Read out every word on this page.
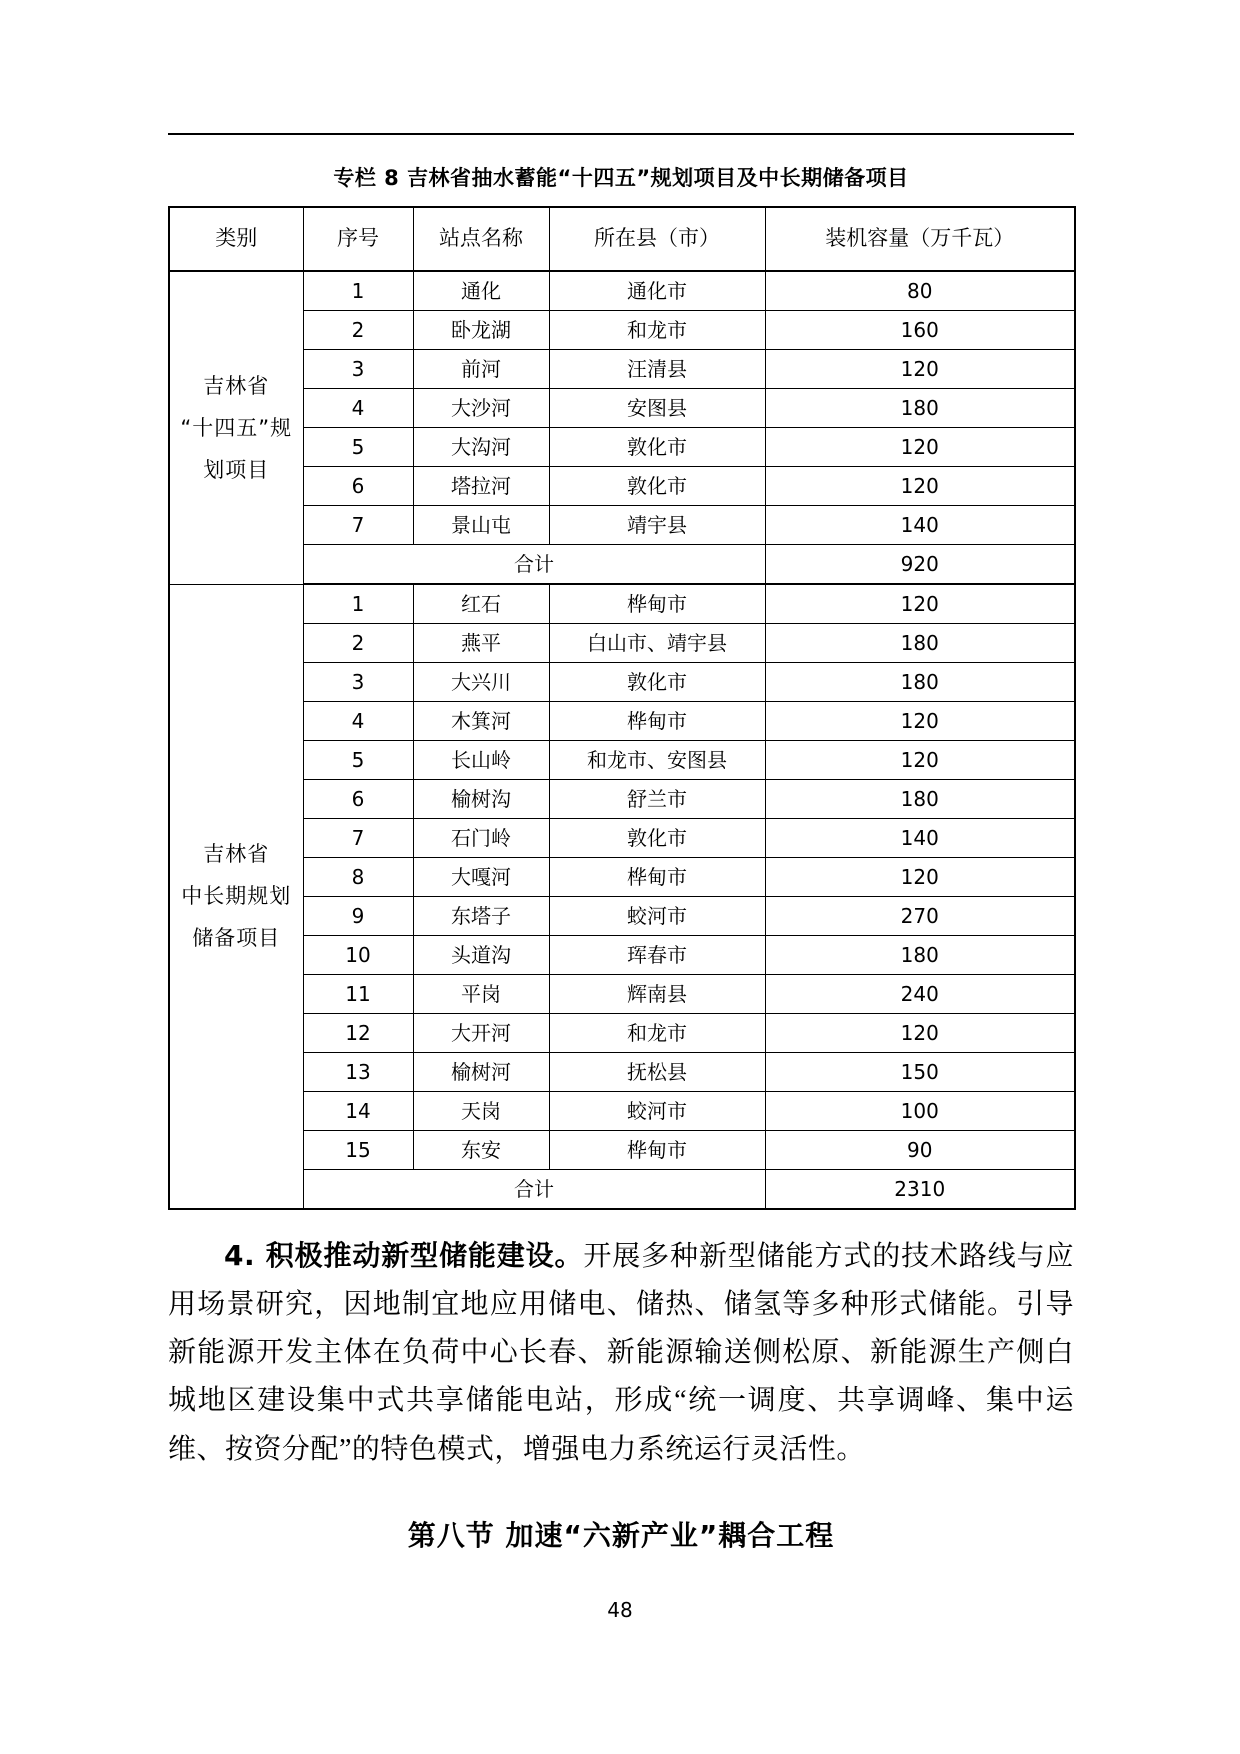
专栏 8 吉林省抽水蓄能“十四五”规划项目及中长期储备项目
类别	序号	站点名称	所在县（市）	装机容量（万千瓦）

吉林省
“十四五”规
划项目	1	通化	通化市	80
	2	卧龙湖	和龙市	160
	3	前河	汪清县	120
	4	大沙河	安图县	180
	5	大沟河	敦化市	120
	6	塔拉河	敦化市	120
	7	景山屯	靖宇县	140
	合计			920

吉林省
中长期规划
储备项目	1	红石	桦甸市	120
	2	燕平	白山市、靖宇县	180
	3	大兴川	敦化市	180
	4	木箕河	桦甸市	120
	5	长山岭	和龙市、安图县	120
	6	榆树沟	舒兰市	180
	7	石门岭	敦化市	140
	8	大嘎河	桦甸市	120
	9	东塔子	蛟河市	270
	10	头道沟	珲春市	180
	11	平岗	辉南县	240
	12	大开河	和龙市	120
	13	榆树河	抚松县	150
	14	天岗	蛟河市	100
	15	东安	桦甸市	90
	合计			2310

4. 积极推动新型储能建设。开展多种新型储能方式的技术路线与应用场景研究，因地制宜地应用储电、储热、储氢等多种形式储能。引导新能源开发主体在负荷中心长春、新能源输送侧松原、新能源生产侧白城地区建设集中式共享储能电站，形成“统一调度、共享调峰、集中运维、按资分配”的特色模式，增强电力系统运行灵活性。

第八节 加速“六新产业”耦合工程
48
